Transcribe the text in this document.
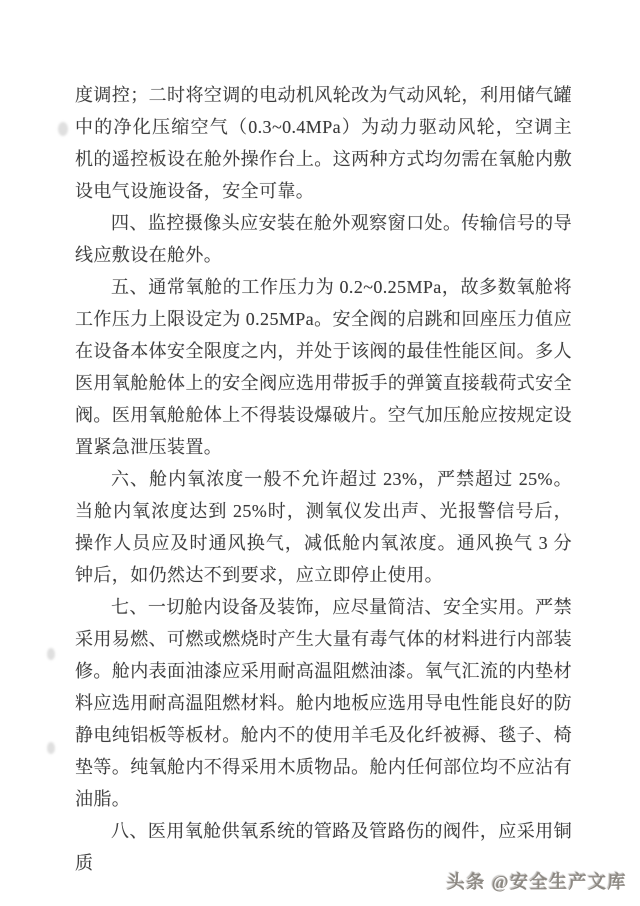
度调控；二时将空调的电动机风轮改为气动风轮，利用储气罐中的净化压缩空气（0.3~0.4MPa）为动力驱动风轮，空调主机的遥控板设在舱外操作台上。这两种方式均勿需在氧舱内敷设电气设施设备，安全可靠。

四、监控摄像头应安装在舱外观察窗口处。传输信号的导线应敷设在舱外。

五、通常氧舱的工作压力为 0.2~0.25MPa，故多数氧舱将工作压力上限设定为 0.25MPa。安全阀的启跳和回座压力值应在设备本体安全限度之内，并处于该阀的最佳性能区间。多人医用氧舱舱体上的安全阀应选用带扳手的弹簧直接载荷式安全阀。医用氧舱舱体上不得装设爆破片。空气加压舱应按规定设置紧急泄压装置。

六、舱内氧浓度一般不允许超过 23%，严禁超过 25%。当舱内氧浓度达到 25%时，测氧仪发出声、光报警信号后，操作人员应及时通风换气，减低舱内氧浓度。通风换气 3 分钟后，如仍然达不到要求，应立即停止使用。

七、一切舱内设备及装饰，应尽量简洁、安全实用。严禁采用易燃、可燃或燃烧时产生大量有毒气体的材料进行内部装修。舱内表面油漆应采用耐高温阻燃油漆。氧气汇流的内垫材料应选用耐高温阻燃材料。舱内地板应选用导电性能良好的防静电纯铝板等板材。舱内不的使用羊毛及化纤被褥、毯子、椅垫等。纯氧舱内不得采用木质物品。舱内任何部位均不应沾有油脂。

八、医用氧舱供氧系统的管路及管路伤的阀件，应采用铜质

头条 @安全生产文库
